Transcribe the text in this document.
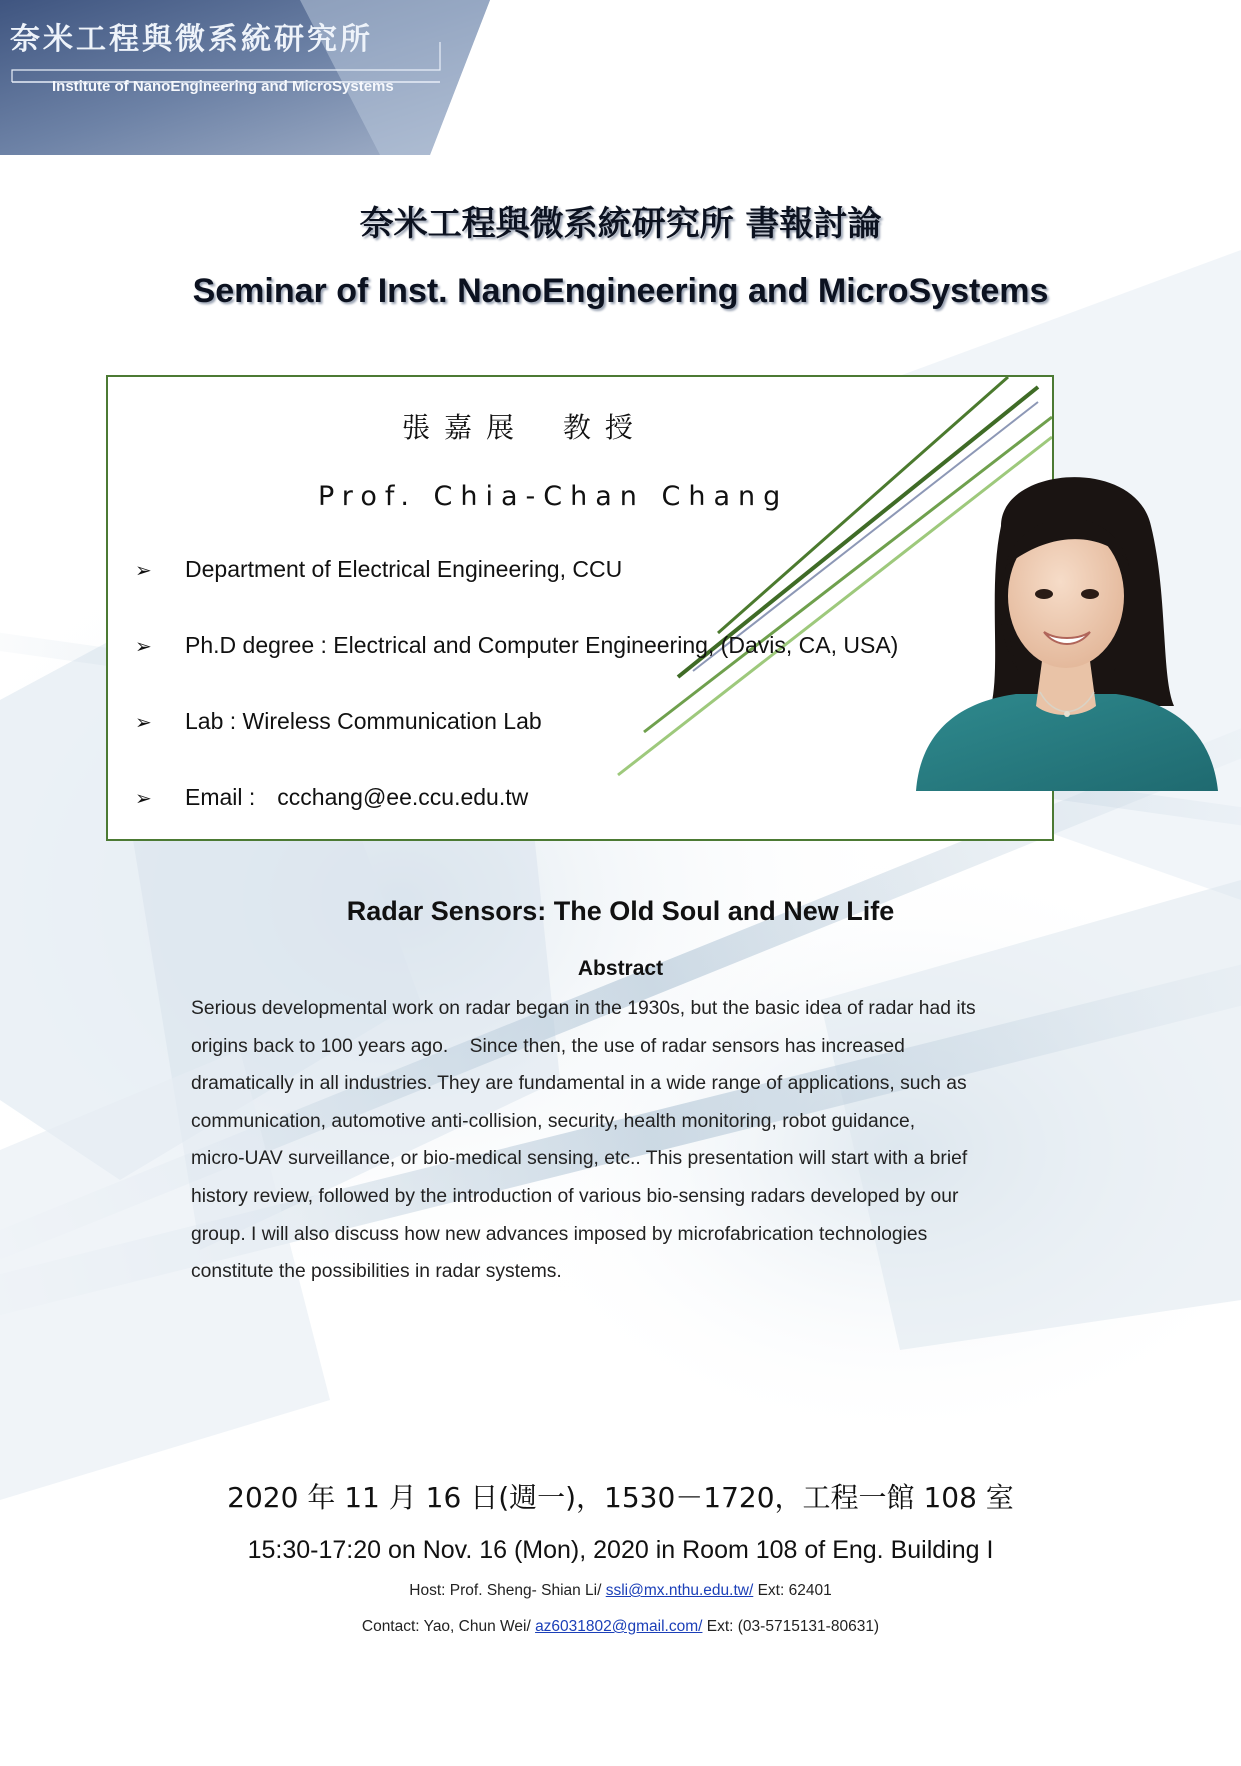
奈米工程與微系統研究所
Institute of NanoEngineering and MicroSystems
奈米工程與微系統研究所 書報討論
Seminar of Inst. NanoEngineering and MicroSystems
張嘉展 教授
Prof. Chia-Chan Chang
➢	Department of Electrical Engineering, CCU
➢	Ph.D degree : Electrical and Computer Engineering, (Davis, CA, USA)
➢	Lab : Wireless Communication Lab
➢	Email : ccchang@ee.ccu.edu.tw
Radar Sensors: The Old Soul and New Life
Abstract
Serious developmental work on radar began in the 1930s, but the basic idea of radar had its
origins back to 100 years ago.    Since then, the use of radar sensors has increased
dramatically in all industries. They are fundamental in a wide range of applications, such as
communication, automotive anti-collision, security, health monitoring, robot guidance,
micro-UAV surveillance, or bio-medical sensing, etc.. This presentation will start with a brief
history review, followed by the introduction of various bio-sensing radars developed by our
group. I will also discuss how new advances imposed by microfabrication technologies
constitute the possibilities in radar systems.
2020 年 11 月 16 日(週一)，1530－1720，工程一館 108 室
15:30-17:20 on Nov. 16 (Mon), 2020 in Room 108 of Eng. Building I
Host: Prof. Sheng- Shian Li/ ssli@mx.nthu.edu.tw/ Ext: 62401
Contact: Yao, Chun Wei/ az6031802@gmail.com/ Ext: (03-5715131-80631)
